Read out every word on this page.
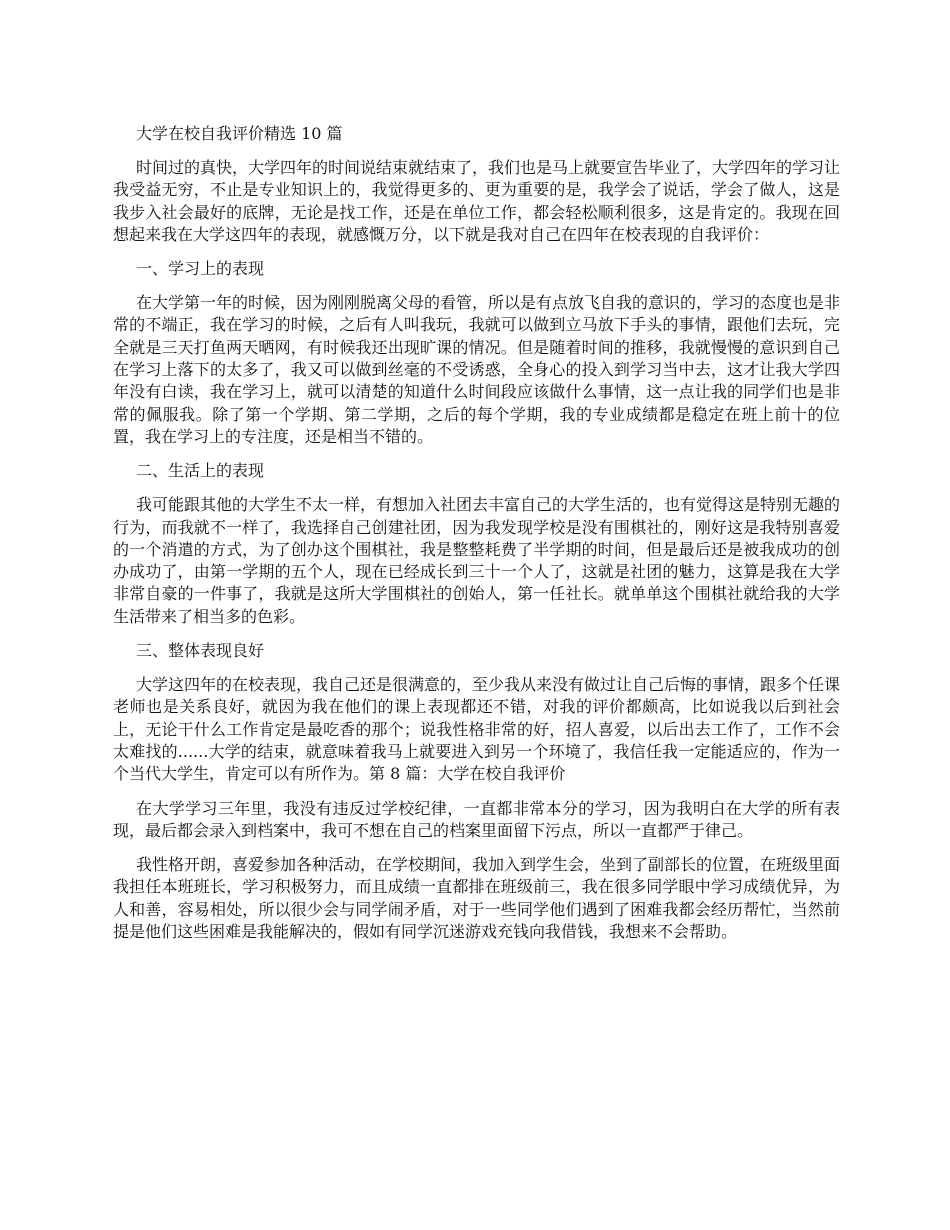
大学在校自我评价精选 10 篇

时间过的真快，大学四年的时间说结束就结束了，我们也是马上就要宣告毕业了，大学四年的学习让我受益无穷，不止是专业知识上的，我觉得更多的、更为重要的是，我学会了说话，学会了做人，这是我步入社会最好的底牌，无论是找工作，还是在单位工作，都会轻松顺利很多，这是肯定的。我现在回想起来我在大学这四年的表现，就感慨万分，以下就是我对自己在四年在校表现的自我评价：

一、学习上的表现

在大学第一年的时候，因为刚刚脱离父母的看管，所以是有点放飞自我的意识的，学习的态度也是非常的不端正，我在学习的时候，之后有人叫我玩，我就可以做到立马放下手头的事情，跟他们去玩，完全就是三天打鱼两天晒网，有时候我还出现旷课的情况。但是随着时间的推移，我就慢慢的意识到自己在学习上落下的太多了，我又可以做到丝毫的不受诱惑，全身心的投入到学习当中去，这才让我大学四年没有白读，我在学习上，就可以清楚的知道什么时间段应该做什么事情，这一点让我的同学们也是非常的佩服我。除了第一个学期、第二学期，之后的每个学期，我的专业成绩都是稳定在班上前十的位置，我在学习上的专注度，还是相当不错的。

二、生活上的表现

我可能跟其他的大学生不太一样，有想加入社团去丰富自己的大学生活的，也有觉得这是特别无趣的行为，而我就不一样了，我选择自己创建社团，因为我发现学校是没有围棋社的，刚好这是我特别喜爱的一个消遣的方式，为了创办这个围棋社，我是整整耗费了半学期的时间，但是最后还是被我成功的创办成功了，由第一学期的五个人，现在已经成长到三十一个人了，这就是社团的魅力，这算是我在大学非常自豪的一件事了，我就是这所大学围棋社的创始人，第一任社长。就单单这个围棋社就给我的大学生活带来了相当多的色彩。

三、整体表现良好

大学这四年的在校表现，我自己还是很满意的，至少我从来没有做过让自己后悔的事情，跟多个任课老师也是关系良好，就因为我在他们的课上表现都还不错，对我的评价都颇高，比如说我以后到社会上，无论干什么工作肯定是最吃香的那个；说我性格非常的好，招人喜爱，以后出去工作了，工作不会太难找的......大学的结束，就意味着我马上就要进入到另一个环境了，我信任我一定能适应的，作为一个当代大学生，肯定可以有所作为。第 8 篇：大学在校自我评价

在大学学习三年里，我没有违反过学校纪律，一直都非常本分的学习，因为我明白在大学的所有表现，最后都会录入到档案中，我可不想在自己的档案里面留下污点，所以一直都严于律己。

我性格开朗，喜爱参加各种活动，在学校期间，我加入到学生会，坐到了副部长的位置，在班级里面我担任本班班长，学习积极努力，而且成绩一直都排在班级前三，我在很多同学眼中学习成绩优异，为人和善，容易相处，所以很少会与同学闹矛盾，对于一些同学他们遇到了困难我都会经历帮忙，当然前提是他们这些困难是我能解决的，假如有同学沉迷游戏充钱向我借钱，我想来不会帮助。
